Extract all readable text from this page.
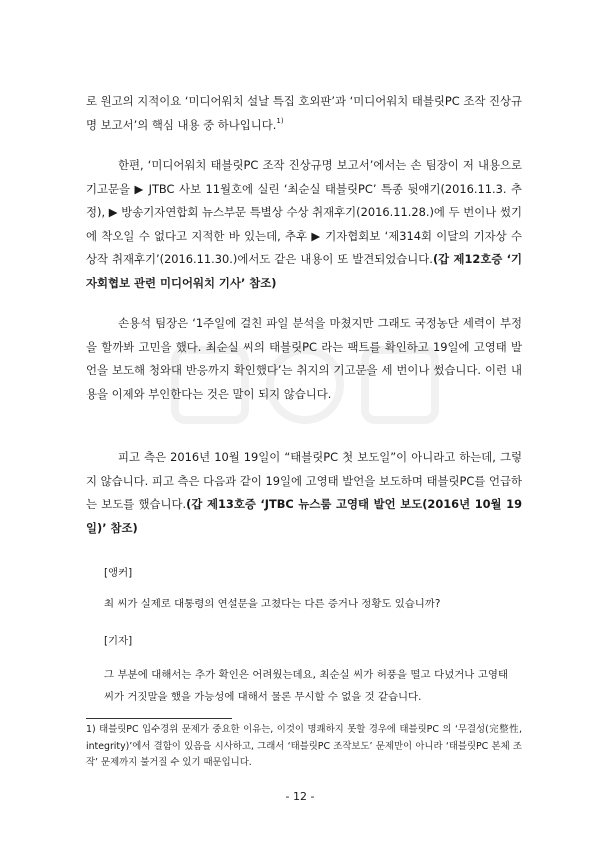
로 원고의 지적이요 ‘미디어워치 설날 특집 호외판’과 ‘미디어워치 태블릿PC 조작 진상규명 보고서’의 핵심 내용 중 하나입니다.$^{1)}$

한편, ‘미디어워치 태블릿PC 조작 진상규명 보고서’에서는 손 팀장이 저 내용으로 기고문을 ▶ JTBC 사보 11월호에 실린 ‘최순실 태블릿PC’ 특종 뒷얘기(2016.11.3. 추정), ▶ 방송기자연합회 뉴스부문 특별상 수상 취재후기(2016.11.28.)에 두 번이나 썼기에 착오일 수 없다고 지적한 바 있는데, 추후 ▶ 기자협회보 ‘제314회 이달의 기자상 수상작 취재후기’(2016.11.30.)에서도 같은 내용이 또 발견되었습니다.(갑 제12호증 ‘기자회협보 관련 미디어워치 기사’ 참조)

손용석 팀장은 ‘1주일에 걸친 파일 분석을 마쳤지만 그래도 국정농단 세력이 부정을 할까봐 고민을 했다. 최순실 씨의 태블릿PC 라는 팩트를 확인하고 19일에 고영태 발언을 보도해 청와대 반응까지 확인했다’는 취지의 기고문을 세 번이나 썼습니다. 이런 내용을 이제와 부인한다는 것은 말이 되지 않습니다.

피고 측은 2016년 10월 19일이 “태블릿PC 첫 보도일”이 아니라고 하는데, 그렇지 않습니다. 피고 측은 다음과 같이 19일에 고영태 발언을 보도하며 태블릿PC를 언급하는 보도를 했습니다.(갑 제13호증 ‘JTBC 뉴스룸 고영태 발언 보도(2016년 10월 19일)’ 참조)

[앵커]

최 씨가 실제로 대통령의 연설문을 고쳤다는 다른 증거나 정황도 있습니까?

[기자]

그 부분에 대해서는 추가 확인은 어려웠는데요, 최순실 씨가 허풍을 떨고 다녔거나 고영태 씨가 거짓말을 했을 가능성에 대해서 물론 무시할 수 없을 것 같습니다.

1) 태블릿PC 입수경위 문제가 중요한 이유는, 이것이 명쾌하지 못할 경우에 태블릿PC 의 ‘무결성(完整性, integrity)’에서 결함이 있음을 시사하고, 그래서 ‘태블릿PC 조작보도’ 문제만이 아니라 ‘태블릿PC 본체 조작’ 문제까지 불거질 수 있기 때문입니다.

- 12 -
